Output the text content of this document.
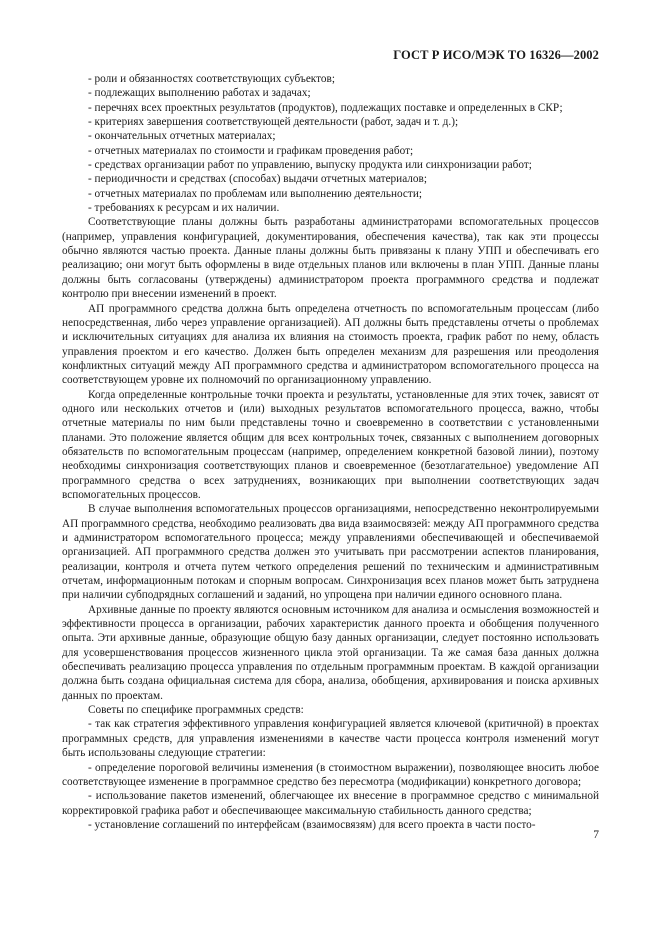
ГОСТ Р ИСО/МЭК ТО 16326—2002

- роли и обязанностях соответствующих субъектов;

- подлежащих выполнению работах и задачах;

- перечнях всех проектных результатов (продуктов), подлежащих поставке и определенных в СКР;

- критериях завершения соответствующей деятельности (работ, задач и т. д.);

- окончательных отчетных материалах;

- отчетных материалах по стоимости и графикам проведения работ;

- средствах организации работ по управлению, выпуску продукта или синхронизации работ;

- периодичности и средствах (способах) выдачи отчетных материалов;

- отчетных материалах по проблемам или выполнению деятельности;

- требованиях к ресурсам и их наличии.

Соответствующие планы должны быть разработаны администраторами вспомогательных процессов (например, управления конфигурацией, документирования, обеспечения качества), так как эти процессы обычно являются частью проекта. Данные планы должны быть привязаны к плану УПП и обеспечивать его реализацию; они могут быть оформлены в виде отдельных планов или включены в план УПП. Данные планы должны быть согласованы (утверждены) администратором проекта программного средства и подлежат контролю при внесении изменений в проект.

АП программного средства должна быть определена отчетность по вспомогательным процессам (либо непосредственная, либо через управление организацией). АП должны быть представлены отчеты о проблемах и исключительных ситуациях для анализа их влияния на стоимость проекта, график работ по нему, область управления проектом и его качество. Должен быть определен механизм для разрешения или преодоления конфликтных ситуаций между АП программного средства и администратором вспомогательного процесса на соответствующем уровне их полномочий по организационному управлению.

Когда определенные контрольные точки проекта и результаты, установленные для этих точек, зависят от одного или нескольких отчетов и (или) выходных результатов вспомогательного процесса, важно, чтобы отчетные материалы по ним были представлены точно и своевременно в соответствии с установленными планами. Это положение является общим для всех контрольных точек, связанных с выполнением договорных обязательств по вспомогательным процессам (например, определением конкретной базовой линии), поэтому необходимы синхронизация соответствующих планов и своевременное (безотлагательное) уведомление АП программного средства о всех затруднениях, возникающих при выполнении соответствующих задач вспомогательных процессов.

В случае выполнения вспомогательных процессов организациями, непосредственно неконтролируемыми АП программного средства, необходимо реализовать два вида взаимосвязей: между АП программного средства и администратором вспомогательного процесса; между управлениями обеспечивающей и обеспечиваемой организацией. АП программного средства должен это учитывать при рассмотрении аспектов планирования, реализации, контроля и отчета путем четкого определения решений по техническим и административным отчетам, информационным потокам и спорным вопросам. Синхронизация всех планов может быть затруднена при наличии субподрядных соглашений и заданий, но упрощена при наличии единого основного плана.

Архивные данные по проекту являются основным источником для анализа и осмысления возможностей и эффективности процесса в организации, рабочих характеристик данного проекта и обобщения полученного опыта. Эти архивные данные, образующие общую базу данных организации, следует постоянно использовать для усовершенствования процессов жизненного цикла этой организации. Та же самая база данных должна обеспечивать реализацию процесса управления по отдельным программным проектам. В каждой организации должна быть создана официальная система для сбора, анализа, обобщения, архивирования и поиска архивных данных по проектам.

Советы по специфике программных средств:

- так как стратегия эффективного управления конфигурацией является ключевой (критичной) в проектах программных средств, для управления изменениями в качестве части процесса контроля изменений могут быть использованы следующие стратегии:

- определение пороговой величины изменения (в стоимостном выражении), позволяющее вносить любое соответствующее изменение в программное средство без пересмотра (модификации) конкретного договора;

- использование пакетов изменений, облегчающее их внесение в программное средство с минимальной корректировкой графика работ и обеспечивающее максимальную стабильность данного средства;

- установление соглашений по интерфейсам (взаимосвязям) для всего проекта в части посто-

7
